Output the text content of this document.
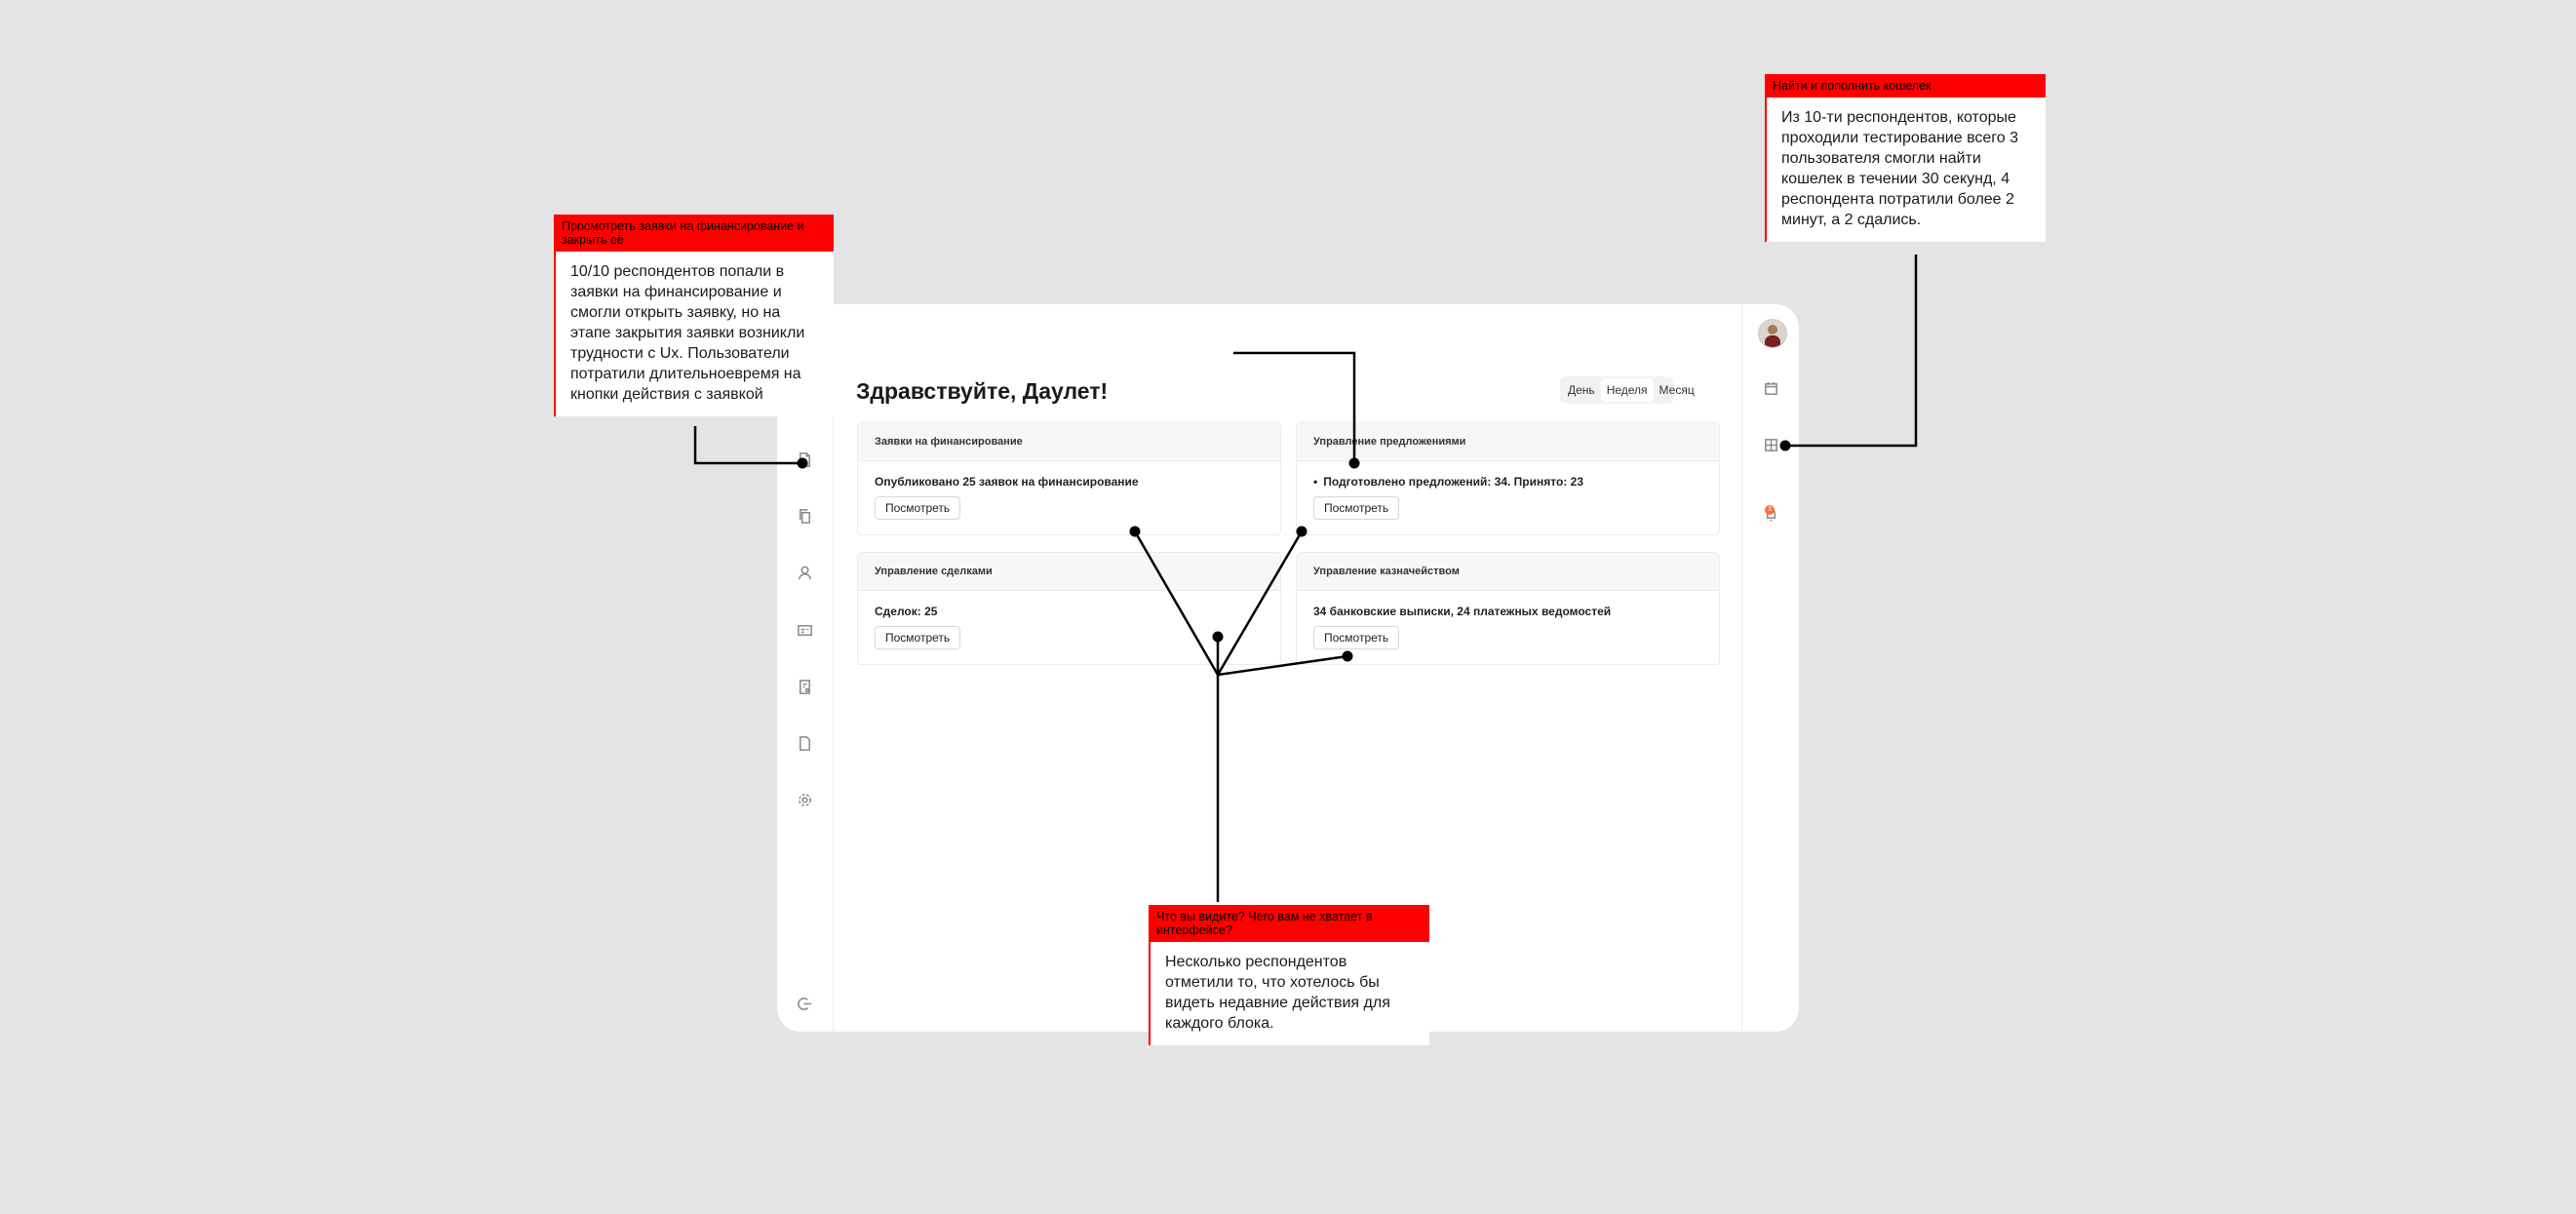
Здравствуйте, Даулет!	День	Неделя	Месяц
Заявки на финансирование
Опубликовано 25 заявок на финансирование
Посмотреть
Управление предложениями
• Подготовлено предложений: 34. Принято: 23
Посмотреть
Управление сделками
Сделок: 25
Посмотреть
Управление казначейством
34 банковские выписки, 24 платежных ведомостей
Посмотреть
3
Просмотреть заявки на финансирование и закрыть её
10/10 респондентов попали в заявки на финансирование и смогли открыть заявку, но на этапе закрытия заявки возникли трудности с Ux. Пользователи потратили длительноевремя на кнопки действия с заявкой
Найти и пополнить кошелек
Из 10-ти респондентов, которые проходили тестирование всего 3 пользователя смогли найти кошелек в течении 30 секунд, 4 респондента потратили более 2 минут, а 2 сдались.
Что вы видите? Чего вам не хватает в интерфейсе?
Несколько респондентов отметили то, что хотелось бы видеть недавние действия для каждого блока.
